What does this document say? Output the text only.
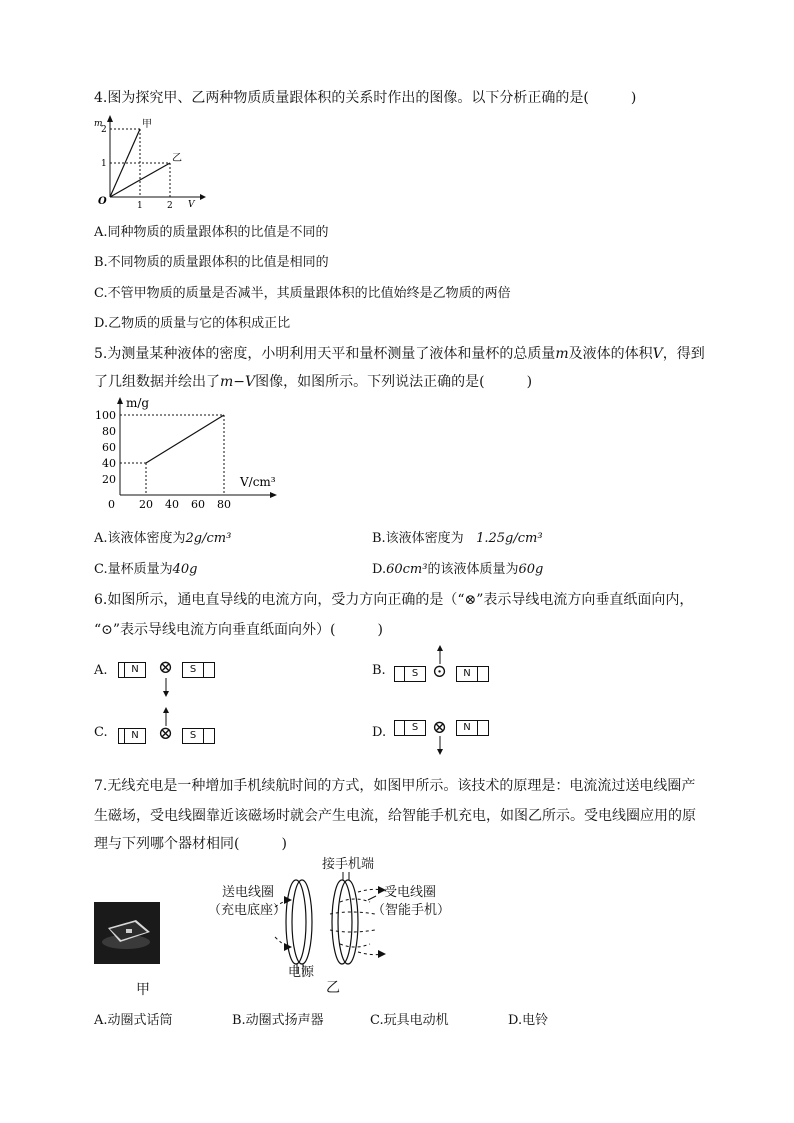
4.图为探究甲、乙两种物质质量跟体积的关系时作出的图像。以下分析正确的是(　　　)
甲
乙
1	2
1
2
m
V
O
A.同种物质的质量跟体积的比值是不同的
B.不同物质的质量跟体积的比值是相同的
C.不管甲物质的质量是否减半，其质量跟体积的比值始终是乙物质的两倍
D.乙物质的质量与它的体积成正比
5.为测量某种液体的密度，小明利用天平和量杯测量了液体和量杯的总质量m及液体的体积V，得到
了几组数据并绘出了m−V图像，如图所示。下列说法正确的是(　　　)
0 20 40 60 80
20
40
60
80
100
m/g
V/cm³
A.该液体密度为2g/cm³	B.该液体密度为 1.25g/cm³
C.量杯质量为40g	D.60cm³的该液体质量为60g
6.如图所示，通电直导线的电流方向，受力方向正确的是（“⊗”表示导线电流方向垂直纸面向内，
“⊙”表示导线电流方向垂直纸面向外）(　　　)
A.	N	⊗	S	B.	S ⊙	N
C.	N	⊗	S	D.	S ⊗	N
7.无线充电是一种增加手机续航时间的方式，如图甲所示。该技术的原理是：电流流过送电线圈产
生磁场，受电线圈靠近该磁场时就会产生电流，给智能手机充电，如图乙所示。受电线圈应用的原
理与下列哪个器材相同(　　　)
甲
接手机端
送电线圈
（充电底座）
受电线圈
（智能手机）
电源
乙
A.动圈式话筒	B.动圈式扬声器	C.玩具电动机	D.电铃
